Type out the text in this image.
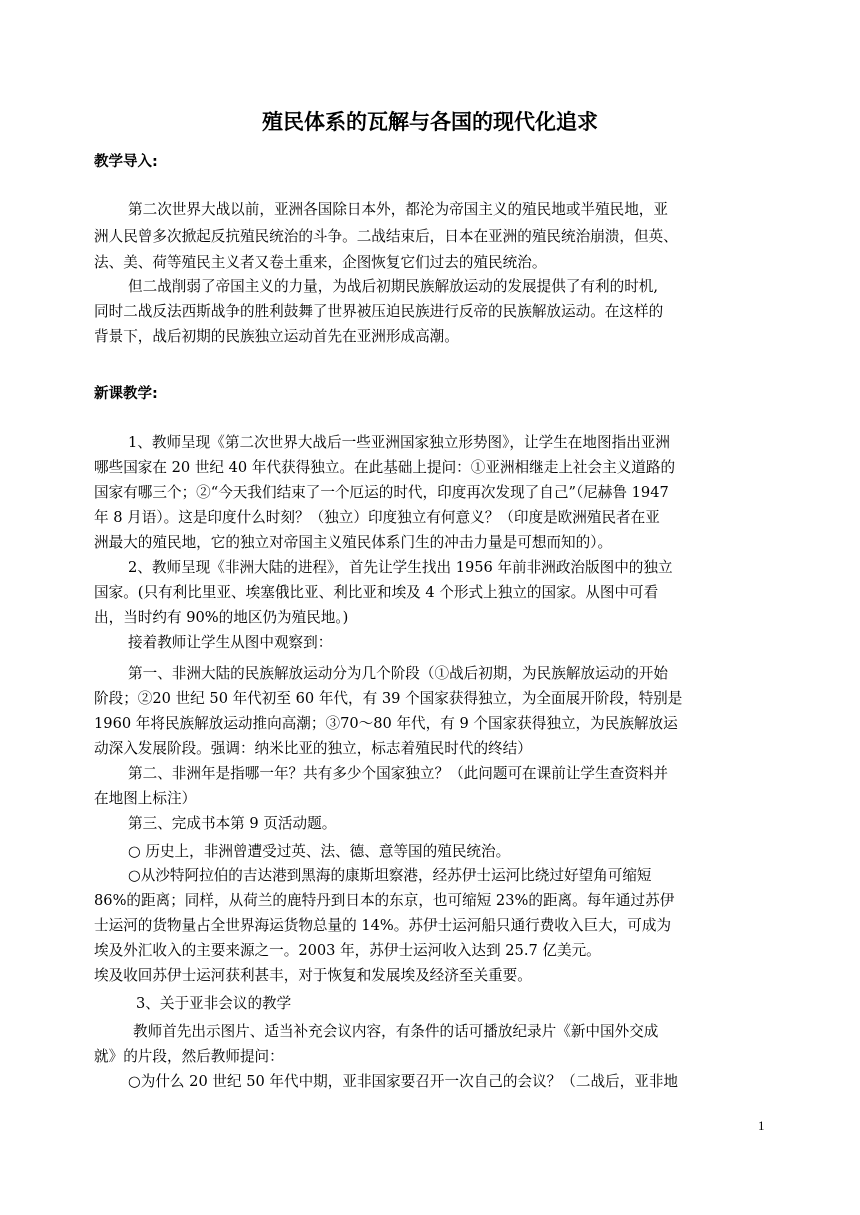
殖民体系的瓦解与各国的现代化追求
教学导入:
第二次世界大战以前，亚洲各国除日本外，都沦为帝国主义的殖民地或半殖民地，亚
洲人民曾多次掀起反抗殖民统治的斗争。二战结束后，日本在亚洲的殖民统治崩溃，但英、
法、美、荷等殖民主义者又卷土重来，企图恢复它们过去的殖民统治。
但二战削弱了帝国主义的力量，为战后初期民族解放运动的发展提供了有利的时机,
同时二战反法西斯战争的胜利鼓舞了世界被压迫民族进行反帝的民族解放运动。在这样的
背景下，战后初期的民族独立运动首先在亚洲形成高潮。
新课教学:
1、教师呈现《第二次世界大战后一些亚洲国家独立形势图》，让学生在地图指出亚洲
哪些国家在 20 世纪 40 年代获得独立。在此基础上提问：①亚洲相继走上社会主义道路的
国家有哪三个；②“今天我们结束了一个厄运的时代，印度再次发现了自己”（尼赫鲁 1947
年 8 月语）。这是印度什么时刻？（独立）印度独立有何意义？（印度是欧洲殖民者在亚
洲最大的殖民地，它的独立对帝国主义殖民体系门生的冲击力量是可想而知的）。
2、教师呈现《非洲大陆的进程》，首先让学生找出 1956 年前非洲政治版图中的独立
国家。(只有利比里亚、埃塞俄比亚、利比亚和埃及 4 个形式上独立的国家。从图中可看
出，当时约有 90%的地区仍为殖民地。)
接着教师让学生从图中观察到：
第一、非洲大陆的民族解放运动分为几个阶段（①战后初期，为民族解放运动的开始
阶段；②20 世纪 50 年代初至 60 年代，有 39 个国家获得独立，为全面展开阶段，特别是
1960 年将民族解放运动推向高潮；③70～80 年代，有 9 个国家获得独立，为民族解放运
动深入发展阶段。强调：纳米比亚的独立，标志着殖民时代的终结）
第二、非洲年是指哪一年？共有多少个国家独立？（此问题可在课前让学生查资料并
在地图上标注）
第三、完成书本第 9 页活动题。
○ 历史上，非洲曾遭受过英、法、德、意等国的殖民统治。
○从沙特阿拉伯的吉达港到黑海的康斯坦察港，经苏伊士运河比绕过好望角可缩短
86%的距离；同样，从荷兰的鹿特丹到日本的东京，也可缩短 23%的距离。每年通过苏伊
士运河的货物量占全世界海运货物总量的 14%。苏伊士运河船只通行费收入巨大，可成为
埃及外汇收入的主要来源之一。2003 年，苏伊士运河收入达到 25.7 亿美元。
埃及收回苏伊士运河获利甚丰，对于恢复和发展埃及经济至关重要。
3、关于亚非会议的教学
教师首先出示图片、适当补充会议内容，有条件的话可播放纪录片《新中国外交成
就》的片段，然后教师提问：
○为什么 20 世纪 50 年代中期，亚非国家要召开一次自己的会议？（二战后，亚非地
1
